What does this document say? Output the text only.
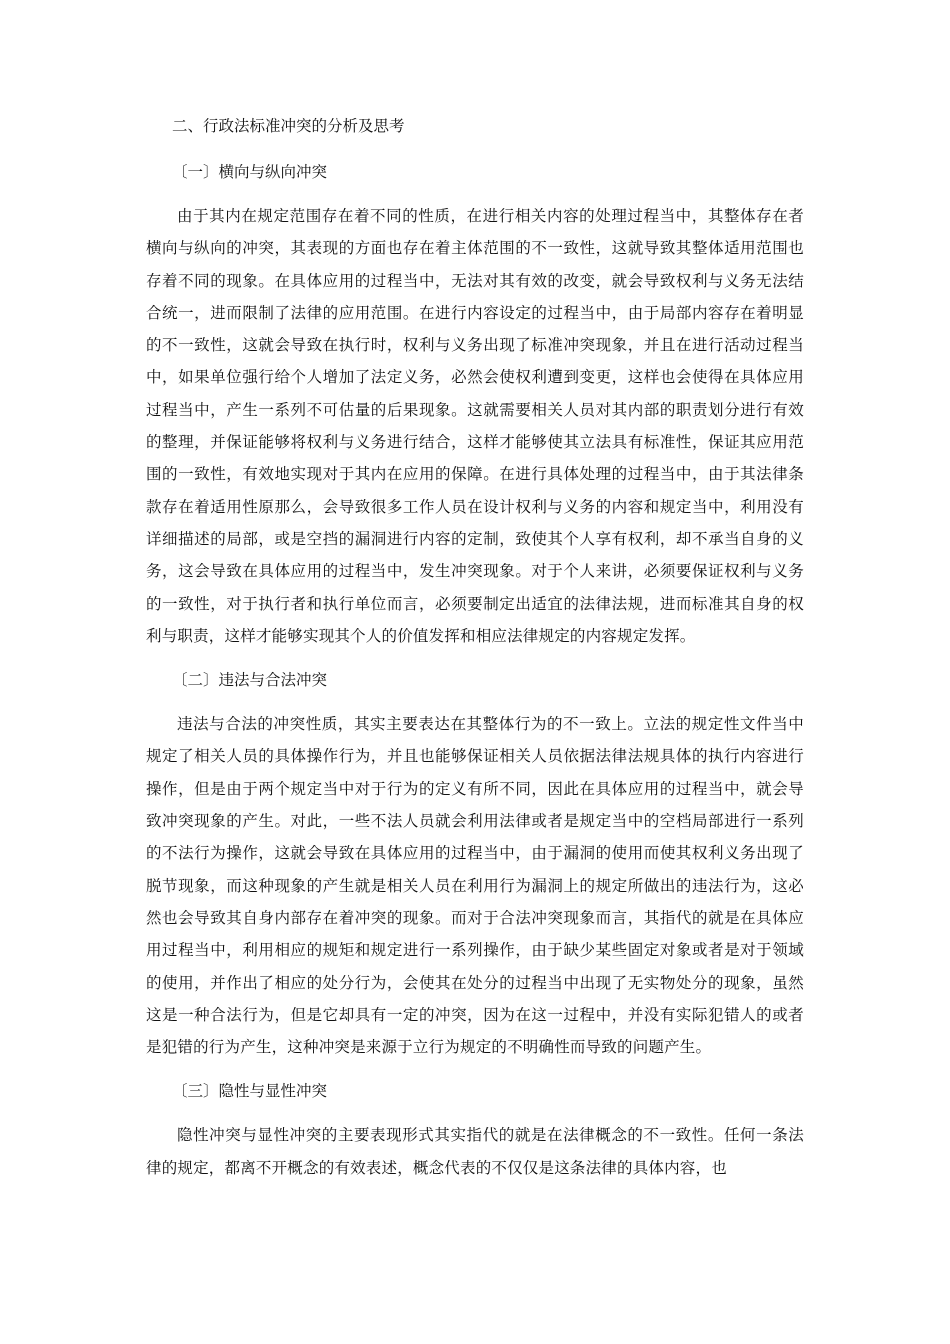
二、行政法标准冲突的分析及思考
〔一〕横向与纵向冲突

由于其内在规定范围存在着不同的性质，在进行相关内容的处理过程当中，其整体存在者横向与纵向的冲突，其表现的方面也存在着主体范围的不一致性，这就导致其整体适用范围也存着不同的现象。在具体应用的过程当中，无法对其有效的改变，就会导致权利与义务无法结合统一，进而限制了法律的应用范围。在进行内容设定的过程当中，由于局部内容存在着明显的不一致性，这就会导致在执行时，权利与义务出现了标准冲突现象，并且在进行活动过程当中，如果单位强行给个人增加了法定义务，必然会使权利遭到变更，这样也会使得在具体应用过程当中，产生一系列不可估量的后果现象。这就需要相关人员对其内部的职责划分进行有效的整理，并保证能够将权利与义务进行结合，这样才能够使其立法具有标准性，保证其应用范围的一致性，有效地实现对于其内在应用的保障。在进行具体处理的过程当中，由于其法律条款存在着适用性原那么，会导致很多工作人员在设计权利与义务的内容和规定当中，利用没有详细描述的局部，或是空挡的漏洞进行内容的定制，致使其个人享有权利，却不承当自身的义务，这会导致在具体应用的过程当中，发生冲突现象。对于个人来讲，必须要保证权利与义务的一致性，对于执行者和执行单位而言，必须要制定出适宜的法律法规，进而标准其自身的权利与职责，这样才能够实现其个人的价值发挥和相应法律规定的内容规定发挥。

〔二〕违法与合法冲突

违法与合法的冲突性质，其实主要表达在其整体行为的不一致上。立法的规定性文件当中规定了相关人员的具体操作行为，并且也能够保证相关人员依据法律法规具体的执行内容进行操作，但是由于两个规定当中对于行为的定义有所不同，因此在具体应用的过程当中，就会导致冲突现象的产生。对此，一些不法人员就会利用法律或者是规定当中的空档局部进行一系列的不法行为操作，这就会导致在具体应用的过程当中，由于漏洞的使用而使其权利义务出现了脱节现象，而这种现象的产生就是相关人员在利用行为漏洞上的规定所做出的违法行为，这必然也会导致其自身内部存在着冲突的现象。而对于合法冲突现象而言，其指代的就是在具体应用过程当中，利用相应的规矩和规定进行一系列操作，由于缺少某些固定对象或者是对于领域的使用，并作出了相应的处分行为，会使其在处分的过程当中出现了无实物处分的现象，虽然这是一种合法行为，但是它却具有一定的冲突，因为在这一过程中，并没有实际犯错人的或者是犯错的行为产生，这种冲突是来源于立行为规定的不明确性而导致的问题产生。

〔三〕隐性与显性冲突

隐性冲突与显性冲突的主要表现形式其实指代的就是在法律概念的不一致性。任何一条法律的规定，都离不开概念的有效表述，概念代表的不仅仅是这条法律的具体内容，也
